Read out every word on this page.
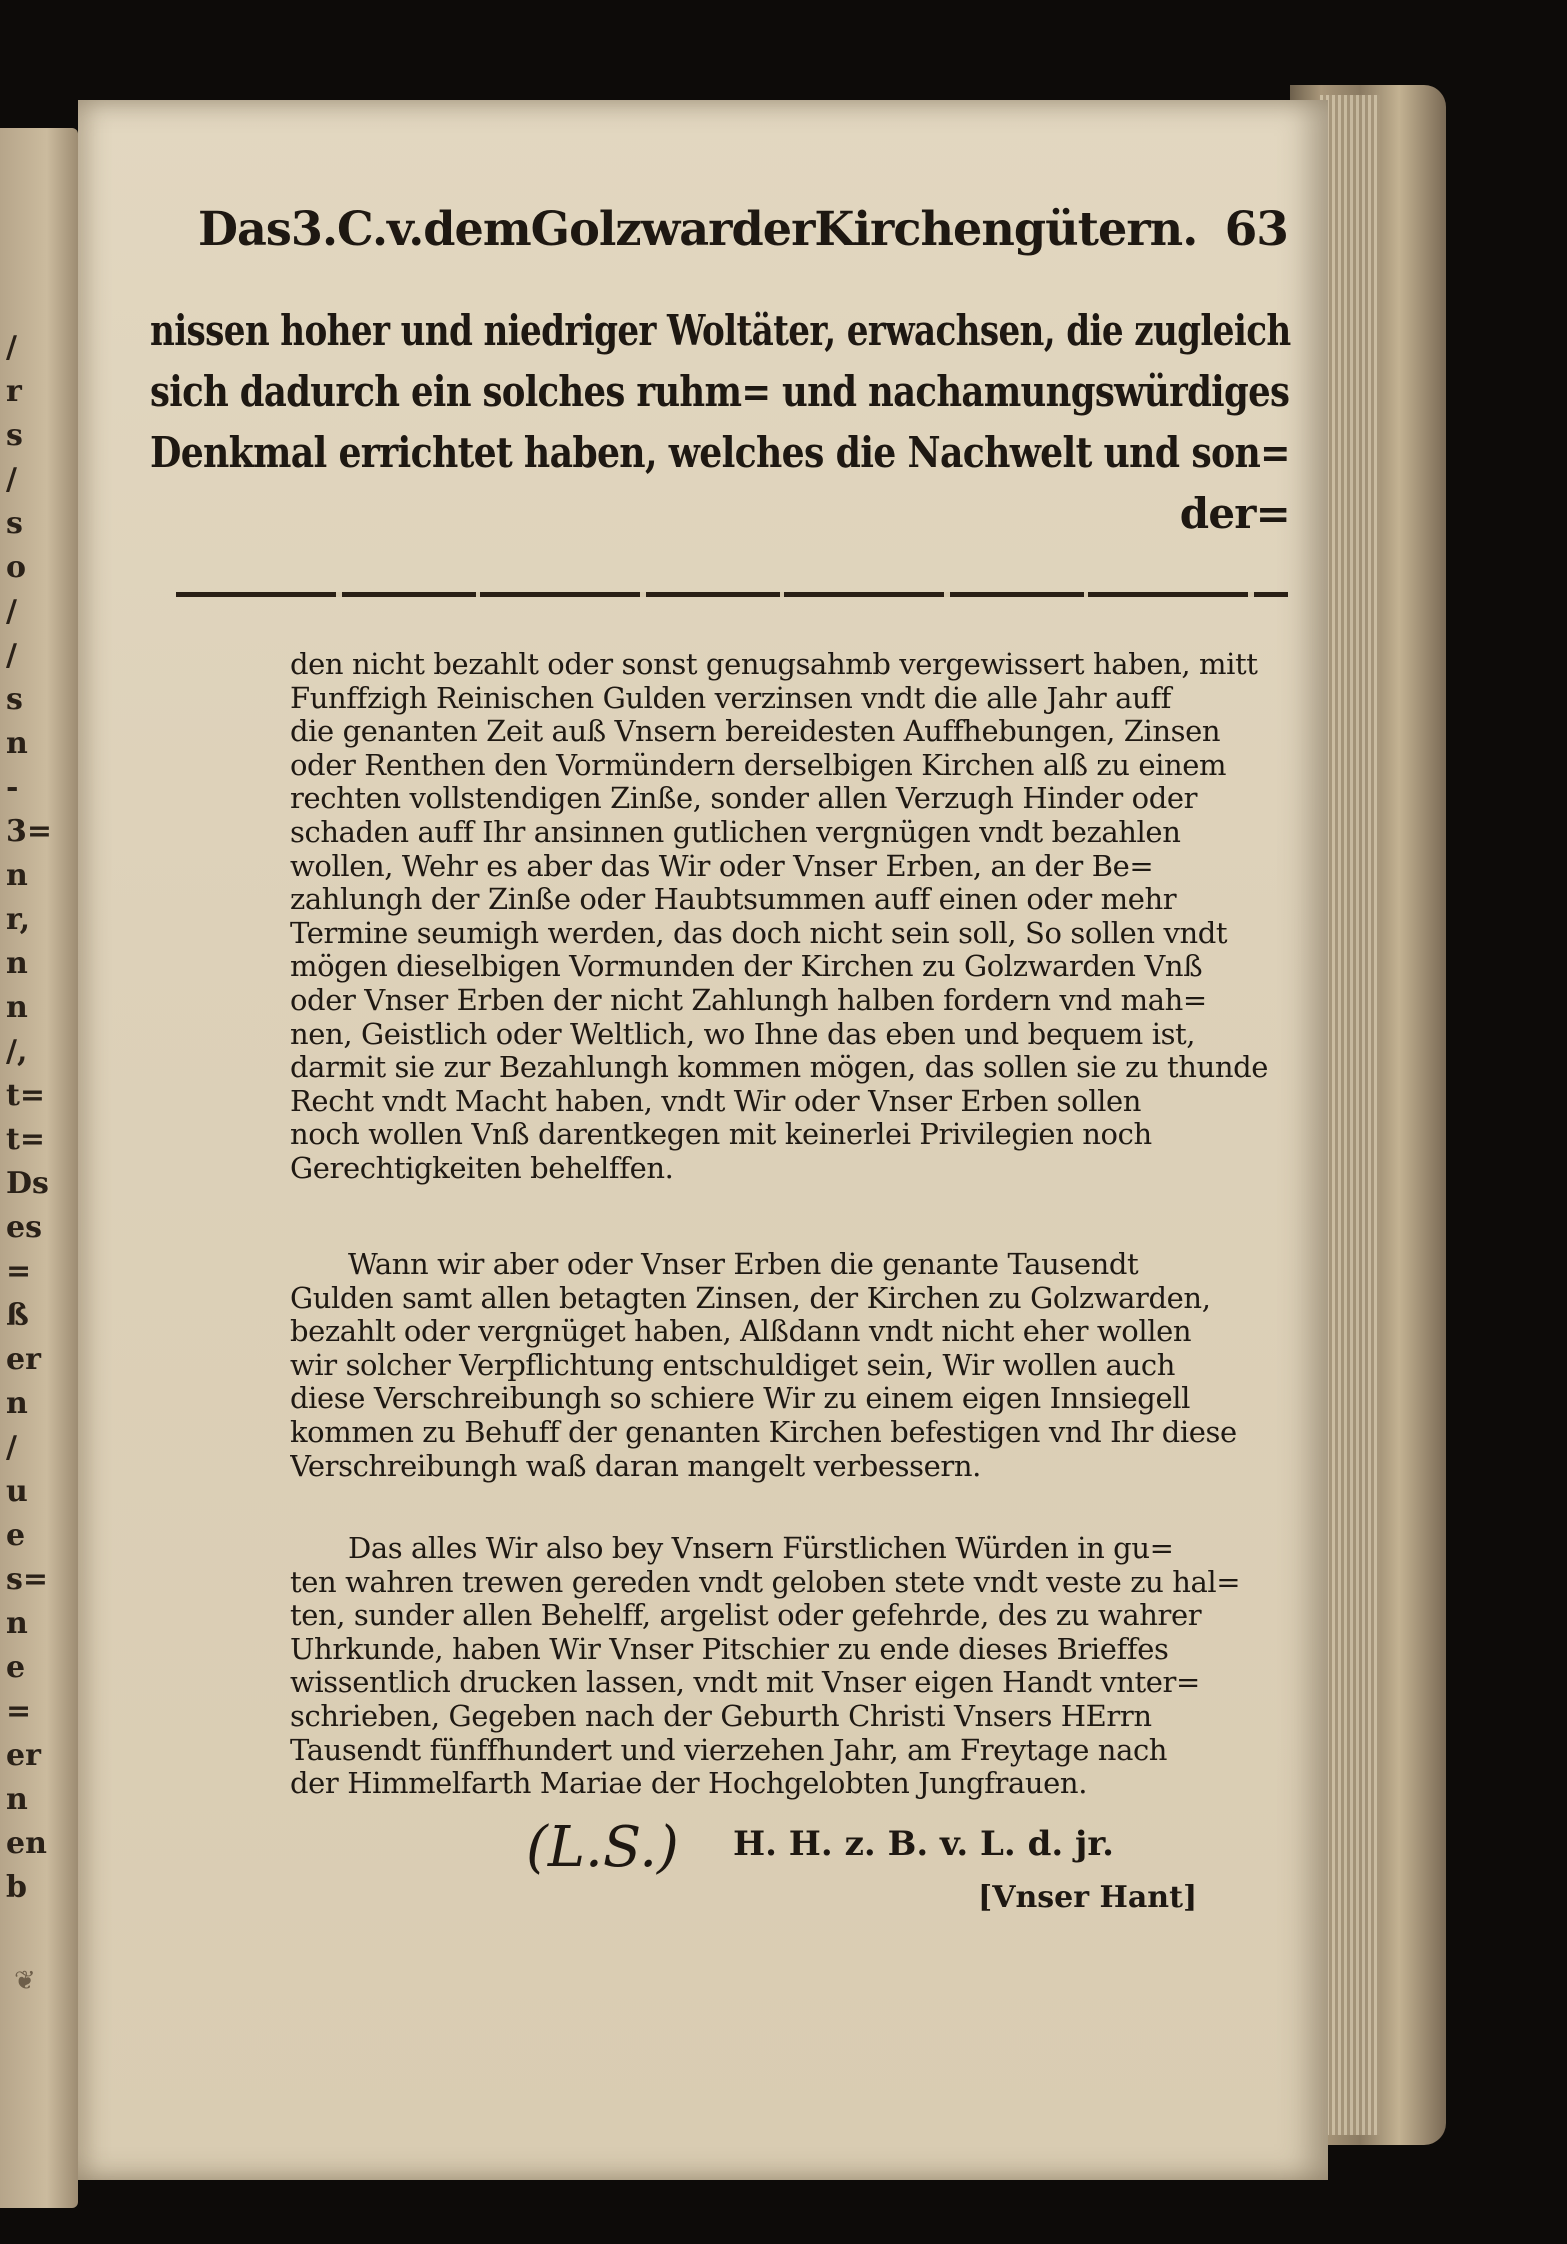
/
r
s
/
s
o
/
/
s
n
-
3=
n
r,
n
n
/,
t=
t=
Ds
es
=
ß
er
n
/
u
e
s=
n
e
=
er
n
en
b
Das3.C.v.demGolzwarderKirchengütern. 63
nissen hoher und niedriger Woltäter, erwachsen, die zugleich
sich dadurch ein solches ruhm= und nachamungswürdiges
Denkmal errichtet haben, welches die Nachwelt und son=
der=
den nicht bezahlt oder sonst genugsahmb vergewissert haben, mitt
Funffzigh Reinischen Gulden verzinsen vndt die alle Jahr auff
die genanten Zeit auß Vnsern bereidesten Auffhebungen, Zinsen
oder Renthen den Vormündern derselbigen Kirchen alß zu einem
rechten vollstendigen Zinße, sonder allen Verzugh Hinder oder
schaden auff Ihr ansinnen gutlichen vergnügen vndt bezahlen
wollen, Wehr es aber das Wir oder Vnser Erben, an der Be=
zahlungh der Zinße oder Haubtsummen auff einen oder mehr
Termine seumigh werden, das doch nicht sein soll, So sollen vndt
mögen dieselbigen Vormunden der Kirchen zu Golzwarden Vnß
oder Vnser Erben der nicht Zahlungh halben fordern vnd mah=
nen, Geistlich oder Weltlich, wo Ihne das eben und bequem ist,
darmit sie zur Bezahlungh kommen mögen, das sollen sie zu thunde
Recht vndt Macht haben, vndt Wir oder Vnser Erben sollen
noch wollen Vnß darentkegen mit keinerlei Privilegien noch
Gerechtigkeiten behelffen.
Wann wir aber oder Vnser Erben die genante Tausendt
Gulden samt allen betagten Zinsen, der Kirchen zu Golzwarden,
bezahlt oder vergnüget haben, Alßdann vndt nicht eher wollen
wir solcher Verpflichtung entschuldiget sein, Wir wollen auch
diese Verschreibungh so schiere Wir zu einem eigen Innsiegell
kommen zu Behuff der genanten Kirchen befestigen vnd Ihr diese
Verschreibungh waß daran mangelt verbessern.
Das alles Wir also bey Vnsern Fürstlichen Würden in gu=
ten wahren trewen gereden vndt geloben stete vndt veste zu hal=
ten, sunder allen Behelff, argelist oder gefehrde, des zu wahrer
Uhrkunde, haben Wir Vnser Pitschier zu ende dieses Brieffes
wissentlich drucken lassen, vndt mit Vnser eigen Handt vnter=
schrieben, Gegeben nach der Geburth Christi Vnsers HErrn
Tausendt fünffhundert und vierzehen Jahr, am Freytage nach
der Himmelfarth Mariae der Hochgelobten Jungfrauen.
(L.S.) H. H. z. B. v. L. d. jr.
[Vnser Hant]
❦
